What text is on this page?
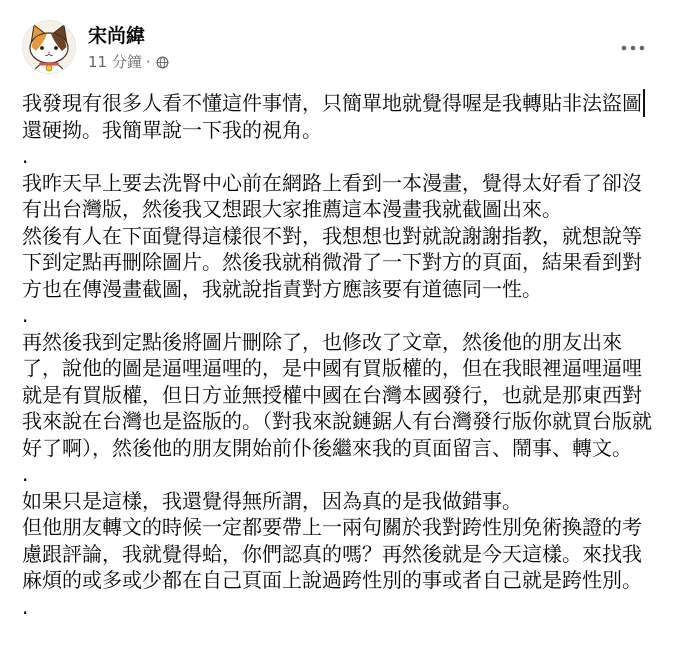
宋尚緯
11 分鐘 ·

我發現有很多人看不懂這件事情，只簡單地就覺得喔是我轉貼非法盜圖還硬拗。我簡單說一下我的視角。

.

我昨天早上要去洗腎中心前在網路上看到一本漫畫，覺得太好看了卻沒有出台灣版，然後我又想跟大家推薦這本漫畫我就截圖出來。
然後有人在下面覺得這樣很不對，我想想也對就說謝謝指教，就想說等下到定點再刪除圖片。然後我就稍微滑了一下對方的頁面，結果看到對方也在傳漫畫截圖，我就說指責對方應該要有道德同一性。

.

再然後我到定點後將圖片刪除了，也修改了文章，然後他的朋友出來了，說他的圖是逼哩逼哩的，是中國有買版權的，但在我眼裡逼哩逼哩就是有買版權，但日方並無授權中國在台灣本國發行，也就是那東西對我來說在台灣也是盜版的。（對我來說鏈鋸人有台灣發行版你就買台版就好了啊），然後他的朋友開始前仆後繼來我的頁面留言、鬧事、轉文。

.

如果只是這樣，我還覺得無所謂，因為真的是我做錯事。
但他朋友轉文的時候一定都要帶上一兩句關於我對跨性別免術換證的考慮跟評論，我就覺得蛤，你們認真的嗎？再然後就是今天這樣。來找我麻煩的或多或少都在自己頁面上說過跨性別的事或者自己就是跨性別。

.
